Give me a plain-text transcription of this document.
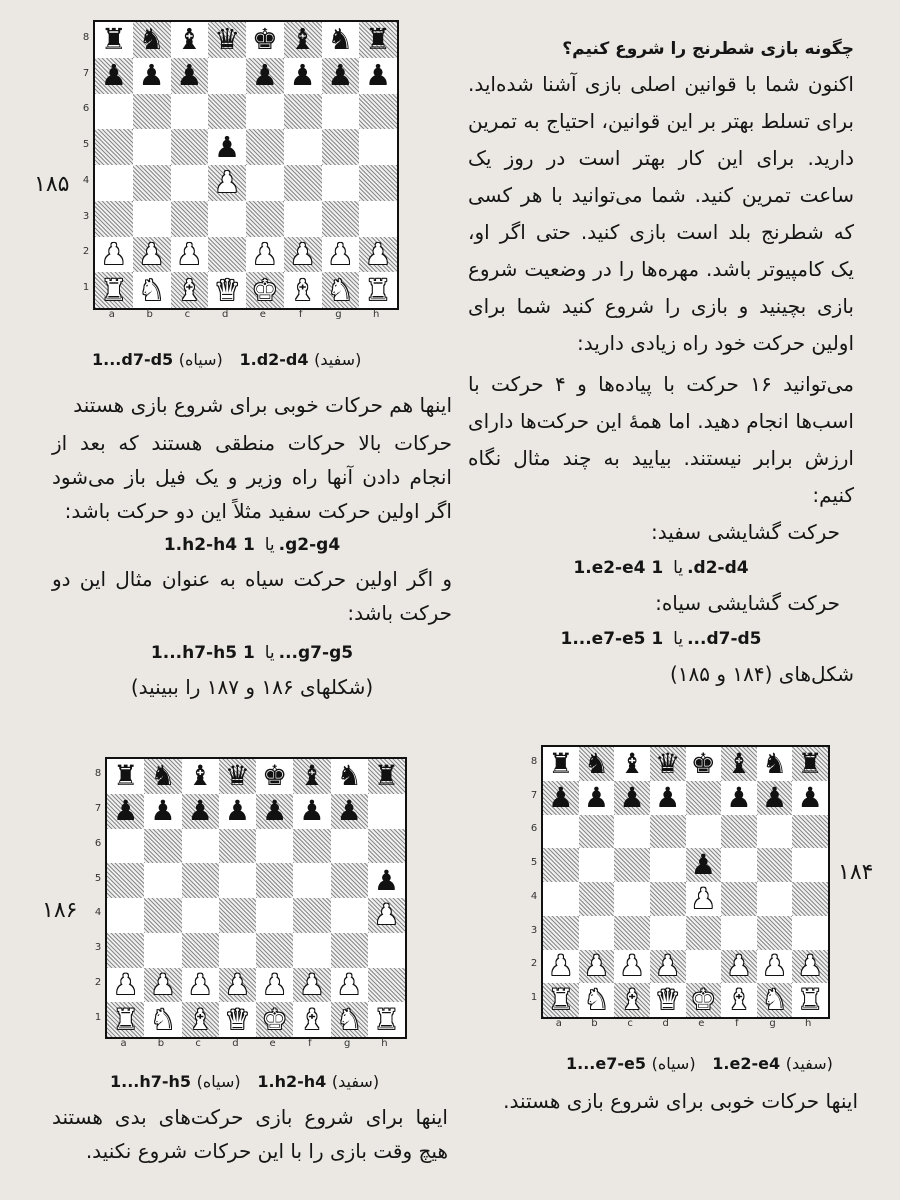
چگونه بازی شطرنج را شروع کنیم؟

اکنون شما با قوانین اصلی بازی آشنا شده‌اید. برای تسلط بهتر بر این قوانین، احتیاج به تمرین دارید. برای این کار بهتر است در روز یک ساعت تمرین کنید. شما می‌توانید با هر کسی که شطرنج بلد است بازی کنید. حتی اگر او، یک کامپیوتر باشد. مهره‌ها را در وضعیت شروع بازی بچینید و بازی را شروع کنید شما برای اولین حرکت خود راه زیادی دارید:

می‌توانید ۱۶ حرکت با پیاده‌ها و ۴ حرکت با اسب‌ها انجام دهید. اما همهٔ این حرکت‌ها دارای ارزش برابر نیستند. بیایید به چند مثال نگاه کنیم:

حرکت گشایشی سفید:

1.e2-e4 یا 1.d2-d4

حرکت گشایشی سیاه:

1...e7-e5 یا 1...d7-d5

شکل‌های (۱۸۴ و ۱۸۵)

1...e7-e5 (سیاه) 1.e2-e4 (سفید)
اینها حرکات خوبی برای شروع بازی هستند.
1...d7-d5 (سیاه) 1.d2-d4 (سفید)

اینها هم حرکات خوبی برای شروع بازی هستند

حرکات بالا حرکات منطقی هستند که بعد از انجام دادن آنها راه وزیر و یک فیل باز می‌شود اگر اولین حرکت سفید مثلاً این دو حرکت باشد:

1.h2-h4 یا 1.g2-g4

و اگر اولین حرکت سیاه به عنوان مثال این دو حرکت باشد:

1...h7-h5 یا 1...g7-g5

(شکلهای ۱۸۶ و ۱۸۷ را ببینید)

1...h7-h5 (سیاه) 1.h2-h4 (سفید)
اینها برای شروع بازی حرکت‌های بدی هستند هیچ وقت بازی را با این حرکات شروع نکنید.
♜ ♞ ♝ ♛ ♚ ♝ ♞ ♜
♟ ♟ ♟ ♟ ♟ ♟ ♟
♟
♟
♟ ♟ ♟ ♟ ♟ ♟ ♟
♜ ♞ ♝ ♛ ♚ ♝ ♞ ♜
۱۸۵
♜ ♞ ♝ ♛ ♚ ♝ ♞ ♜
♟ ♟ ♟ ♟ ♟ ♟ ♟
♟
♟
♟ ♟ ♟ ♟ ♟ ♟ ♟
♜ ♞ ♝ ♛ ♚ ♝ ♞ ♜
۱۸۴
♜ ♞ ♝ ♛ ♚ ♝ ♞ ♜
♟ ♟ ♟ ♟ ♟ ♟ ♟
♟
♟
♟ ♟ ♟ ♟ ♟ ♟ ♟
♜ ♞ ♝ ♛ ♚ ♝ ♞ ♜
۱۸۶
8
7
6
5
4
3
2
1
a	b	c	d	e	f	g	h
8
7
6
5
4
3
2
1
a	b	c	d	e	f	g	h
8
7
6
5
4
3
2
1
a	b	c	d	e	f	g	h
